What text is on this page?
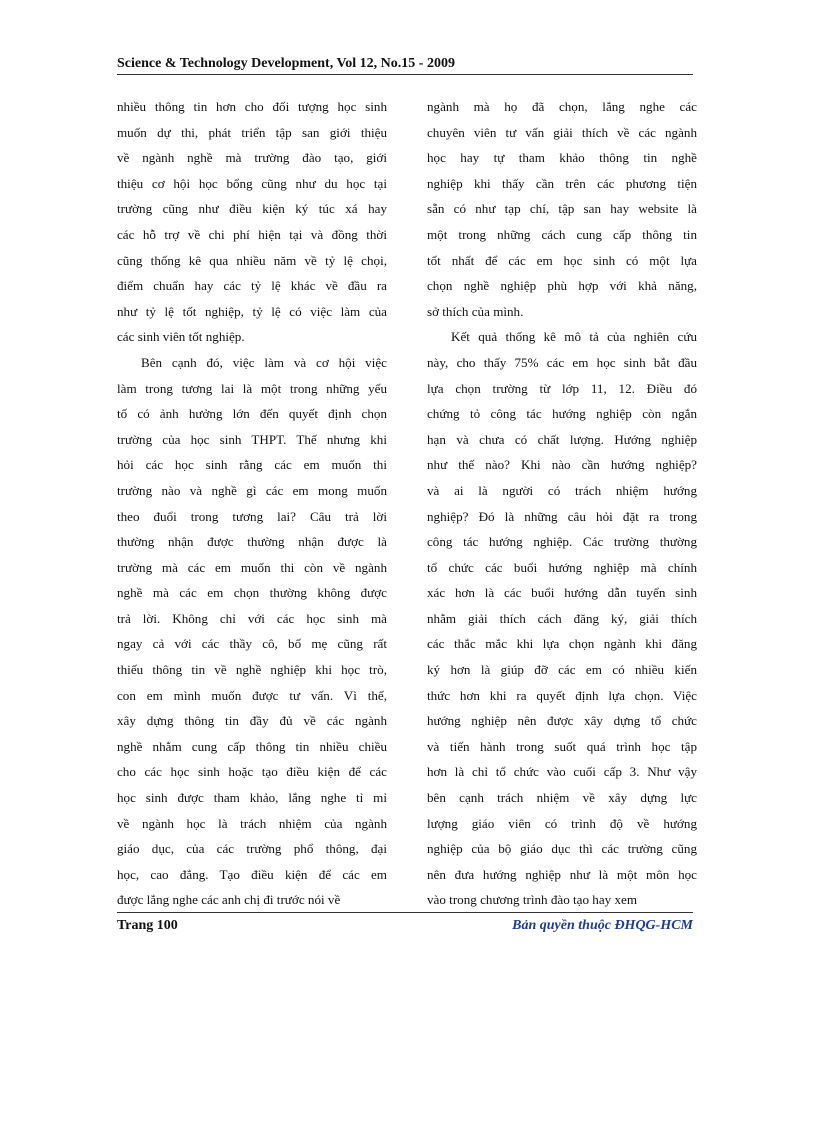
Science & Technology Development, Vol 12, No.15 - 2009
nhiều thông tin hơn cho đối tượng học sinh
muốn dự thi, phát triển tập san giới thiệu
về ngành nghề mà trường đào tạo, giới
thiệu cơ hội học bổng cũng như du học tại
trường cũng như điều kiện ký túc xá hay
các hỗ trợ về chi phí hiện tại và đồng thời
cũng thống kê qua nhiều năm về tỷ lệ chọi,
điểm chuẩn hay các tỷ lệ khác về đầu ra
như tỷ lệ tốt nghiệp, tỷ lệ có việc làm của
các sinh viên tốt nghiệp.
Bên cạnh đó, việc làm và cơ hội việc
làm trong tương lai là một trong những yếu
tố có ảnh hưởng lớn đến quyết định chọn
trường của học sinh THPT. Thế nhưng khi
hỏi các học sinh rằng các em muốn thi
trường nào và nghề gì các em mong muốn
theo đuổi trong tương lai? Câu trả lời
thường nhận được thường nhận được là
trường mà các em muốn thi còn về ngành
nghề mà các em chọn thường không được
trả lời. Không chỉ với các học sinh mà
ngay cả với các thầy cô, bố mẹ cũng rất
thiếu thông tin về nghề nghiệp khi học trò,
con em mình muốn được tư vấn. Vì thế,
xây dựng thông tin đầy đủ về các ngành
nghề nhằm cung cấp thông tin nhiều chiều
cho các học sinh hoặc tạo điều kiện để các
học sinh được tham khảo, lắng nghe tỉ mỉ
về ngành học là trách nhiệm của ngành
giáo dục, của các trường phổ thông, đại
học, cao đẳng. Tạo điều kiện để các em
được lắng nghe các anh chị đi trước nói về
ngành mà họ đã chọn, lắng nghe các
chuyên viên tư vấn giải thích về các ngành
học hay tự tham khảo thông tin nghề
nghiệp khi thấy cần trên các phương tiện
sẵn có như tạp chí, tập san hay website là
một trong những cách cung cấp thông tin
tốt nhất để các em học sinh có một lựa
chọn nghề nghiệp phù hợp với khả năng,
sở thích của mình.
Kết quả thống kê mô tả của nghiên cứu
này, cho thấy 75% các em học sinh bắt đầu
lựa chọn trường từ lớp 11, 12. Điều đó
chứng tỏ công tác hướng nghiệp còn ngắn
hạn và chưa có chất lượng. Hướng nghiệp
như thế nào? Khi nào cần hướng nghiệp?
và ai là người có trách nhiệm hướng
nghiệp? Đó là những câu hỏi đặt ra trong
công tác hướng nghiệp. Các trường thường
tổ chức các buổi hướng nghiệp mà chính
xác hơn là các buổi hướng dẫn tuyển sinh
nhằm giải thích cách đăng ký, giải thích
các thắc mắc khi lựa chọn ngành khi đăng
ký hơn là giúp đỡ các em có nhiều kiến
thức hơn khi ra quyết định lựa chọn. Việc
hướng nghiệp nên được xây dựng tổ chức
và tiến hành trong suốt quá trình học tập
hơn là chỉ tổ chức vào cuối cấp 3. Như vậy
bên cạnh trách nhiệm về xây dựng lực
lượng giáo viên có trình độ về hướng
nghiệp của bộ giáo dục thì các trường cũng
nên đưa hướng nghiệp như là một môn học
vào trong chương trình đào tạo hay xem
Trang 100	Bản quyền thuộc ĐHQG-HCM
